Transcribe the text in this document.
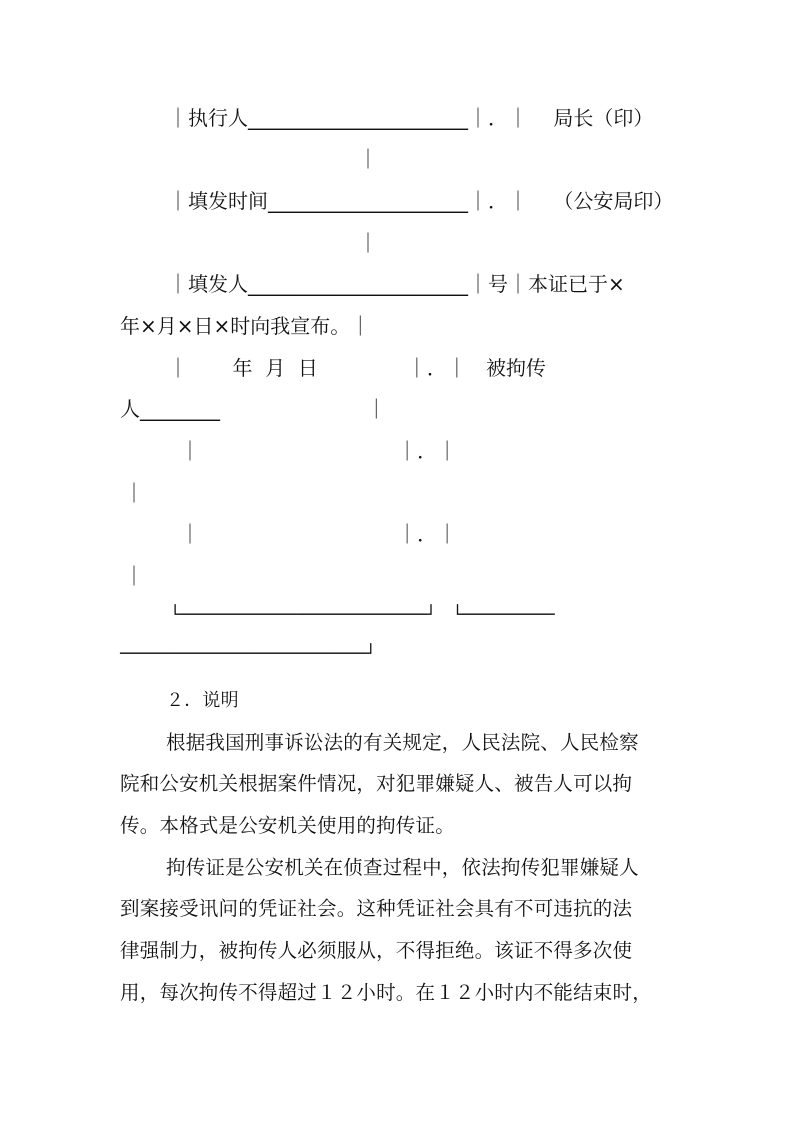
｜执行人______________________｜．｜    局长（印）
｜
｜填发时间____________________｜．｜    （公安局印）
｜
｜填发人______________________｜号｜本证已于×
年×月×日×时向我宣布。｜
｜       年  月  日              ｜．｜   被拘传
人________                       ｜
｜                               ｜．｜
｜
｜                               ｜．｜
｜
└────────────────────────┘   └─────────
────────────────────────┘
２．说明
根据我国刑事诉讼法的有关规定，人民法院、人民检察
院和公安机关根据案件情况，对犯罪嫌疑人、被告人可以拘
传。本格式是公安机关使用的拘传证。
拘传证是公安机关在侦查过程中，依法拘传犯罪嫌疑人
到案接受讯问的凭证社会。这种凭证社会具有不可违抗的法
律强制力，被拘传人必须服从，不得拒绝。该证不得多次使
用，每次拘传不得超过１２小时。在１２小时内不能结束时，
